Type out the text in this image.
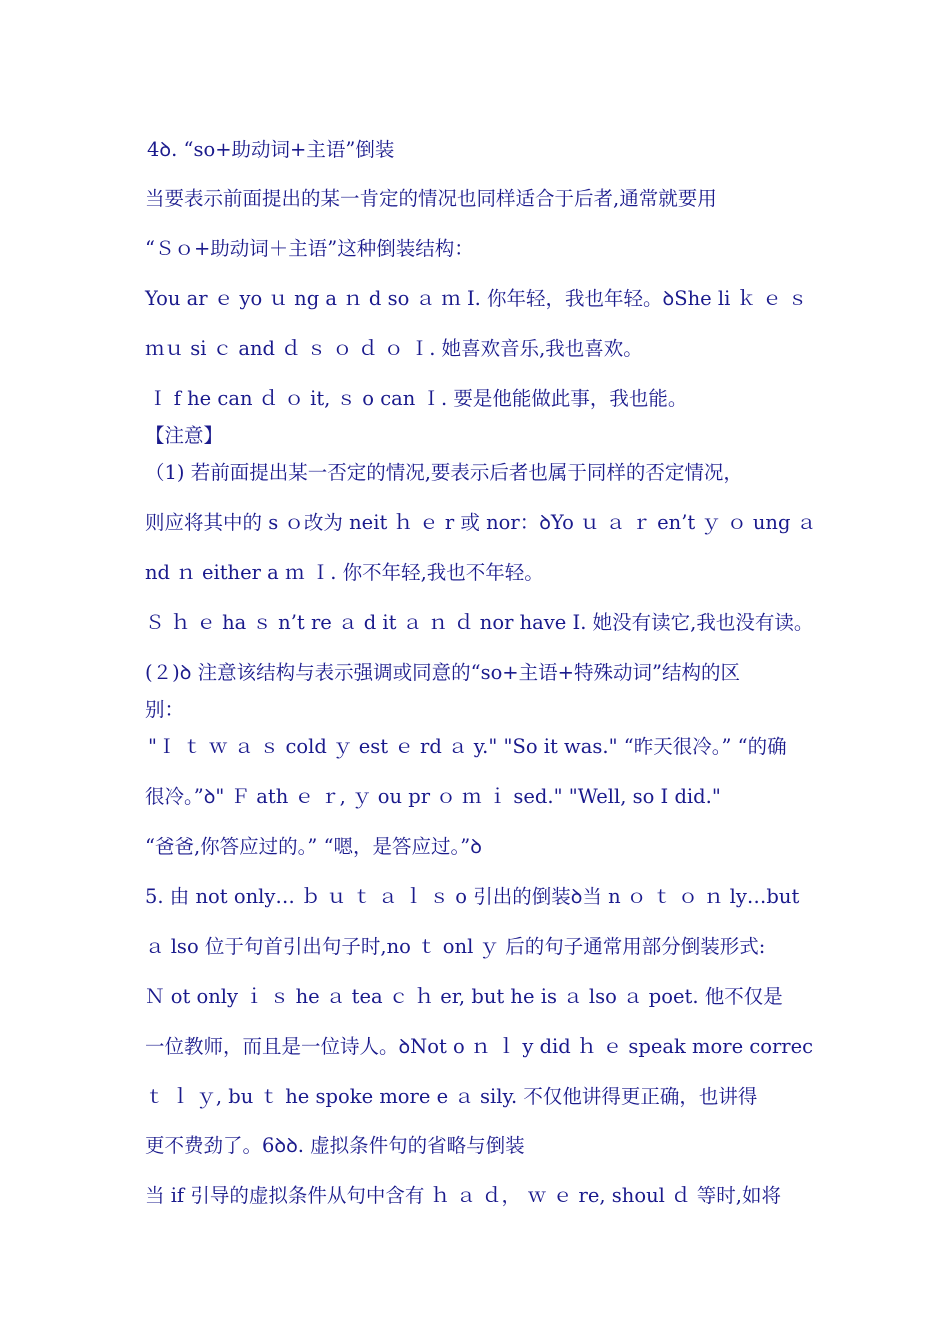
4ꝺ. “so+助动词+主语”倒装
当要表示前面提出的某一肯定的情况也同样适合于后者,通常就要用
“Ｓｏ+助动词＋主语”这种倒装结构：
You ar ｅ yo ｕ ng a ｎ d so ａ ｍ I. 你年轻，我也年轻。ꝺShe li ｋ ｅ ｓ
ｍｕ si ｃ and ｄ ｓ ｏ ｄ ｏ Ｉ. 她喜欢音乐,我也喜欢。
Ｉ f he can ｄ ｏ it, ｓ o can Ｉ. 要是他能做此事，我也能。
【注意】
（1) 若前面提出某一否定的情况,要表示后者也属于同样的否定情况，
则应将其中的 s ｏ改为 neit ｈ ｅ r 或 nor：ꝺYo ｕ ａ ｒ en’t ｙ ｏ ung ａ
nd ｎ either a ｍ Ｉ. 你不年轻,我也不年轻。
Ｓ ｈ ｅ ha ｓ n’t re ａ d it ａ ｎ ｄ nor have I. 她没有读它,我也没有读。
(２)ꝺ 注意该结构与表示强调或同意的“so+主语+特殊动词”结构的区
别：
"Ｉ ｔ ｗ ａ ｓ cold ｙ est ｅ rd ａ y." "So it was." “昨天很冷。” “的确
很冷。”ꝺ" Ｆ ath ｅ ｒ, ｙ ou pr ｏ ｍ ｉ sed." "Well, so I did."
“爸爸,你答应过的。” “嗯，是答应过。”ꝺ
5. 由 not only… ｂ ｕ ｔ ａ ｌ ｓ o 引出的倒装ꝺ当 n ｏ ｔ ｏ ｎ ly…but
ａ lso 位于句首引出句子时,no ｔ onl ｙ 后的句子通常用部分倒装形式:
Ｎ ot only ｉ ｓ he ａ tea ｃ ｈ er, but he is ａ lso ａ poet. 他不仅是
一位教师，而且是一位诗人。ꝺNot o ｎ ｌ y did ｈ ｅ speak more correc
ｔ ｌ ｙ, bu ｔ he spoke more e ａ sily. 不仅他讲得更正确，也讲得
更不费劲了。6ꝺꝺ. 虚拟条件句的省略与倒装
当 if 引导的虚拟条件从句中含有 ｈ ａ ｄ， ｗ ｅ re, shoul ｄ 等时,如将
